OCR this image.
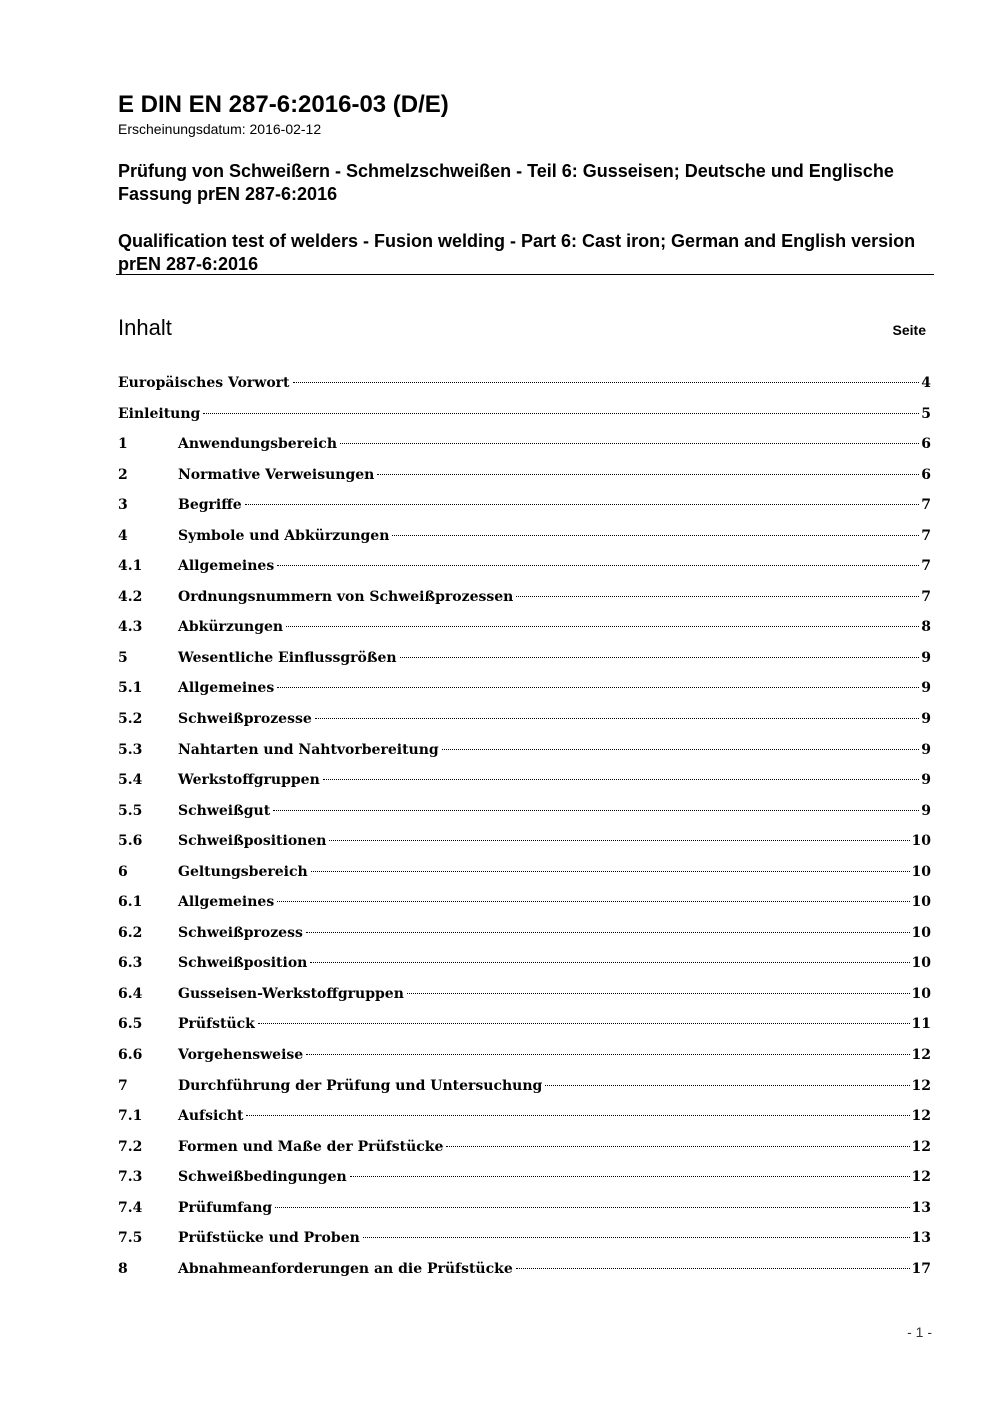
E DIN EN 287-6:2016-03 (D/E)

Erscheinungsdatum: 2016-02-12

Prüfung von Schweißern - Schmelzschweißen - Teil 6: Gusseisen; Deutsche und Englische Fassung prEN 287-6:2016

Qualification test of welders - Fusion welding - Part 6: Cast iron; German and English version prEN 287-6:2016

Inhalt	Seite
Europäisches Vorwort	4
Einleitung	5
1	Anwendungsbereich	6
2	Normative Verweisungen	6
3	Begriffe	7
4	Symbole und Abkürzungen	7
4.1	Allgemeines	7
4.2	Ordnungsnummern von Schweißprozessen	7
4.3	Abkürzungen	8
5	Wesentliche Einflussgrößen	9
5.1	Allgemeines	9
5.2	Schweißprozesse	9
5.3	Nahtarten und Nahtvorbereitung	9
5.4	Werkstoffgruppen	9
5.5	Schweißgut	9
5.6	Schweißpositionen	10
6	Geltungsbereich	10
6.1	Allgemeines	10
6.2	Schweißprozess	10
6.3	Schweißposition	10
6.4	Gusseisen-Werkstoffgruppen	10
6.5	Prüfstück	11
6.6	Vorgehensweise	12
7	Durchführung der Prüfung und Untersuchung	12
7.1	Aufsicht	12
7.2	Formen und Maße der Prüfstücke	12
7.3	Schweißbedingungen	12
7.4	Prüfumfang	13
7.5	Prüfstücke und Proben	13
8	Abnahmeanforderungen an die Prüfstücke	17
- 1 -
